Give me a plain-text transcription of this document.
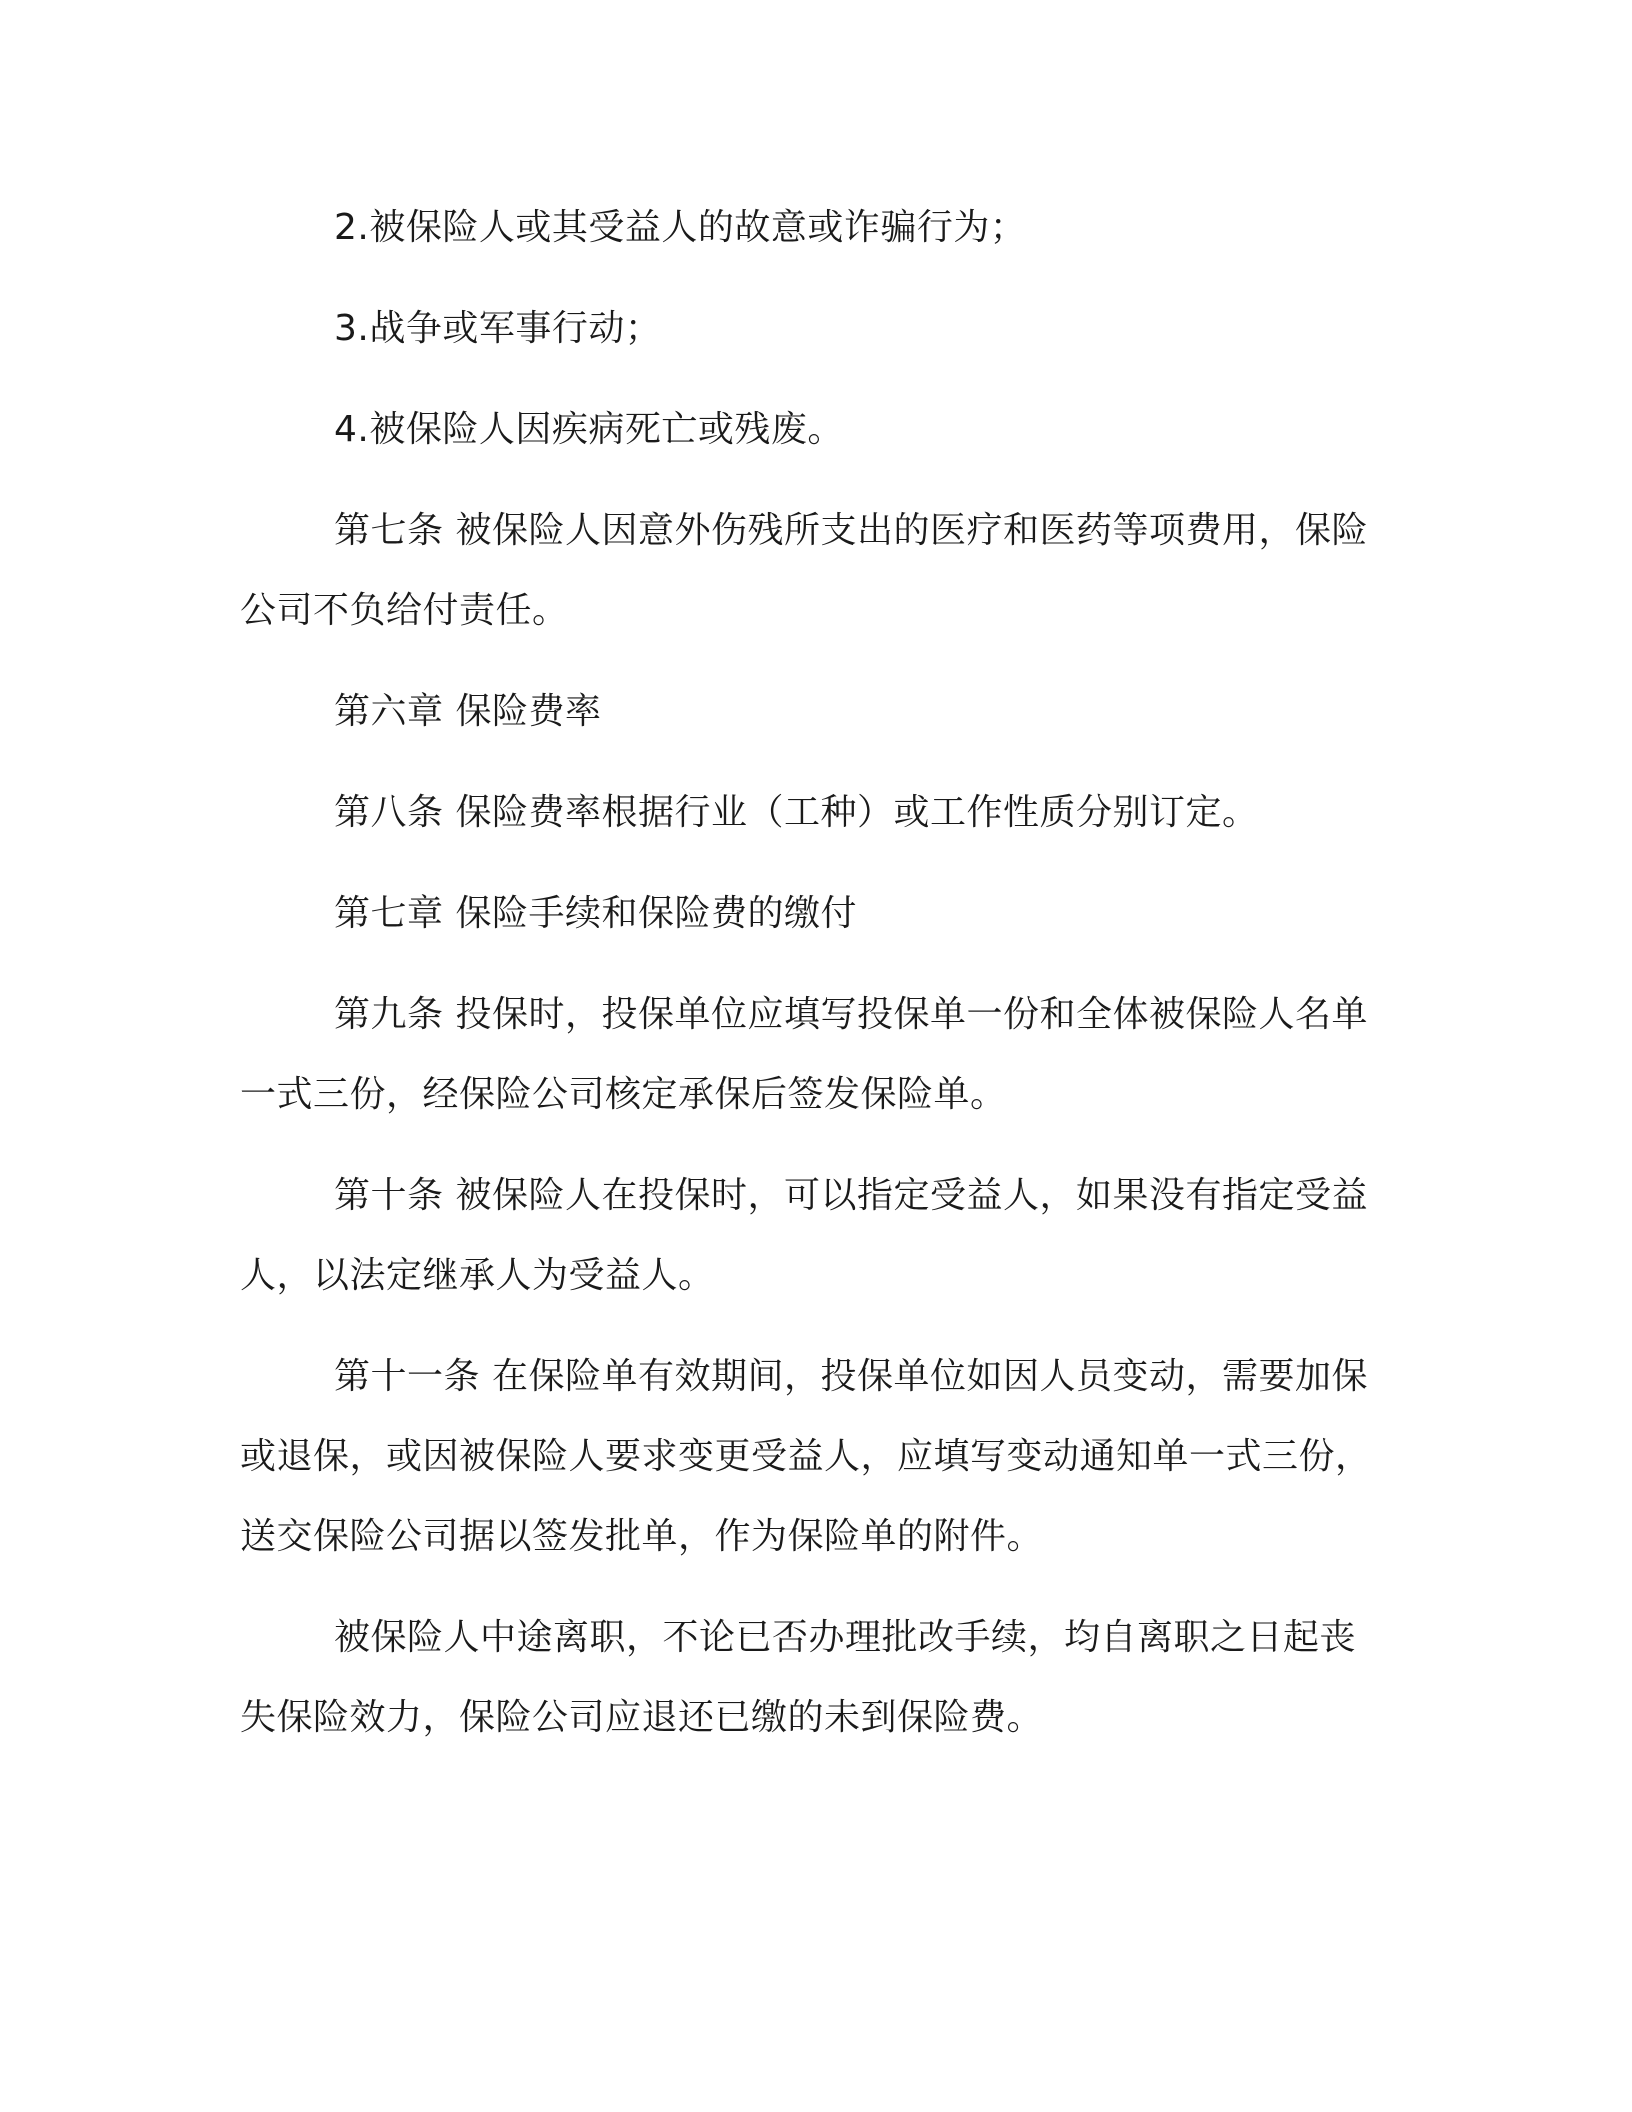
2.被保险人或其受益人的故意或诈骗行为；

3.战争或军事行动；

4.被保险人因疾病死亡或残废。

第七条 被保险人因意外伤残所支出的医疗和医药等项费用，保险公司不负给付责任。

第六章 保险费率

第八条 保险费率根据行业（工种）或工作性质分别订定。

第七章 保险手续和保险费的缴付

第九条 投保时，投保单位应填写投保单一份和全体被保险人名单一式三份，经保险公司核定承保后签发保险单。

第十条 被保险人在投保时，可以指定受益人，如果没有指定受益人，以法定继承人为受益人。

第十一条 在保险单有效期间，投保单位如因人员变动，需要加保或退保，或因被保险人要求变更受益人，应填写变动通知单一式三份，送交保险公司据以签发批单，作为保险单的附件。

被保险人中途离职，不论已否办理批改手续，均自离职之日起丧失保险效力，保险公司应退还已缴的未到保险费。
